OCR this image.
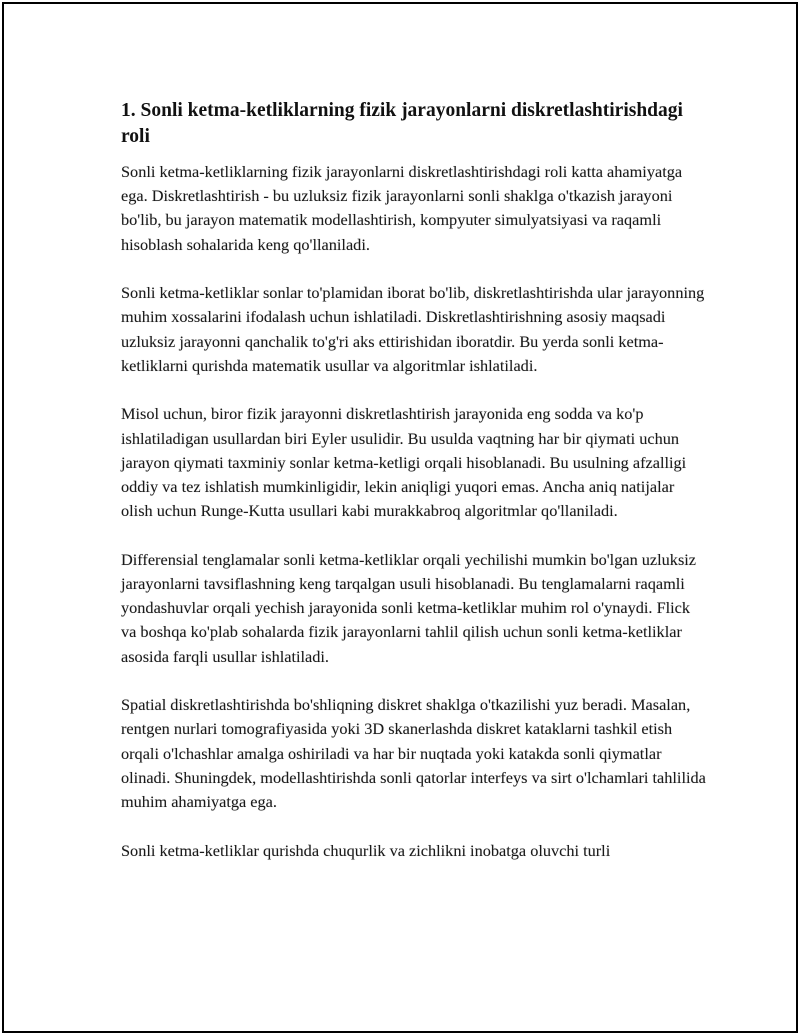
1. Sonli ketma-ketliklarning fizik jarayonlarni diskretlashtirishdagi roli

Sonli ketma-ketliklarning fizik jarayonlarni diskretlashtirishdagi roli katta ahamiyatga ega. Diskretlashtirish - bu uzluksiz fizik jarayonlarni sonli shaklga o'tkazish jarayoni bo'lib, bu jarayon matematik modellashtirish, kompyuter simulyatsiyasi va raqamli hisoblash sohalarida keng qo'llaniladi.

Sonli ketma-ketliklar sonlar to'plamidan iborat bo'lib, diskretlashtirishda ular jarayonning muhim xossalarini ifodalash uchun ishlatiladi. Diskretlashtirishning asosiy maqsadi uzluksiz jarayonni qanchalik to'g'ri aks ettirishidan iboratdir. Bu yerda sonli ketma-ketliklarni qurishda matematik usullar va algoritmlar ishlatiladi.

Misol uchun, biror fizik jarayonni diskretlashtirish jarayonida eng sodda va ko'p ishlatiladigan usullardan biri Eyler usulidir. Bu usulda vaqtning har bir qiymati uchun jarayon qiymati taxminiy sonlar ketma-ketligi orqali hisoblanadi. Bu usulning afzalligi oddiy va tez ishlatish mumkinligidir, lekin aniqligi yuqori emas. Ancha aniq natijalar olish uchun Runge-Kutta usullari kabi murakkabroq algoritmlar qo'llaniladi.

Differensial tenglamalar sonli ketma-ketliklar orqali yechilishi mumkin bo'lgan uzluksiz jarayonlarni tavsiflashning keng tarqalgan usuli hisoblanadi. Bu tenglamalarni raqamli yondashuvlar orqali yechish jarayonida sonli ketma-ketliklar muhim rol o'ynaydi. Flick va boshqa ko'plab sohalarda fizik jarayonlarni tahlil qilish uchun sonli ketma-ketliklar asosida farqli usullar ishlatiladi.

Spatial diskretlashtirishda bo'shliqning diskret shaklga o'tkazilishi yuz beradi. Masalan, rentgen nurlari tomografiyasida yoki 3D skanerlashda diskret kataklarni tashkil etish orqali o'lchashlar amalga oshiriladi va har bir nuqtada yoki katakda sonli qiymatlar olinadi. Shuningdek, modellashtirishda sonli qatorlar interfeys va sirt o'lchamlari tahlilida muhim ahamiyatga ega.

Sonli ketma-ketliklar qurishda chuqurlik va zichlikni inobatga oluvchi turli
